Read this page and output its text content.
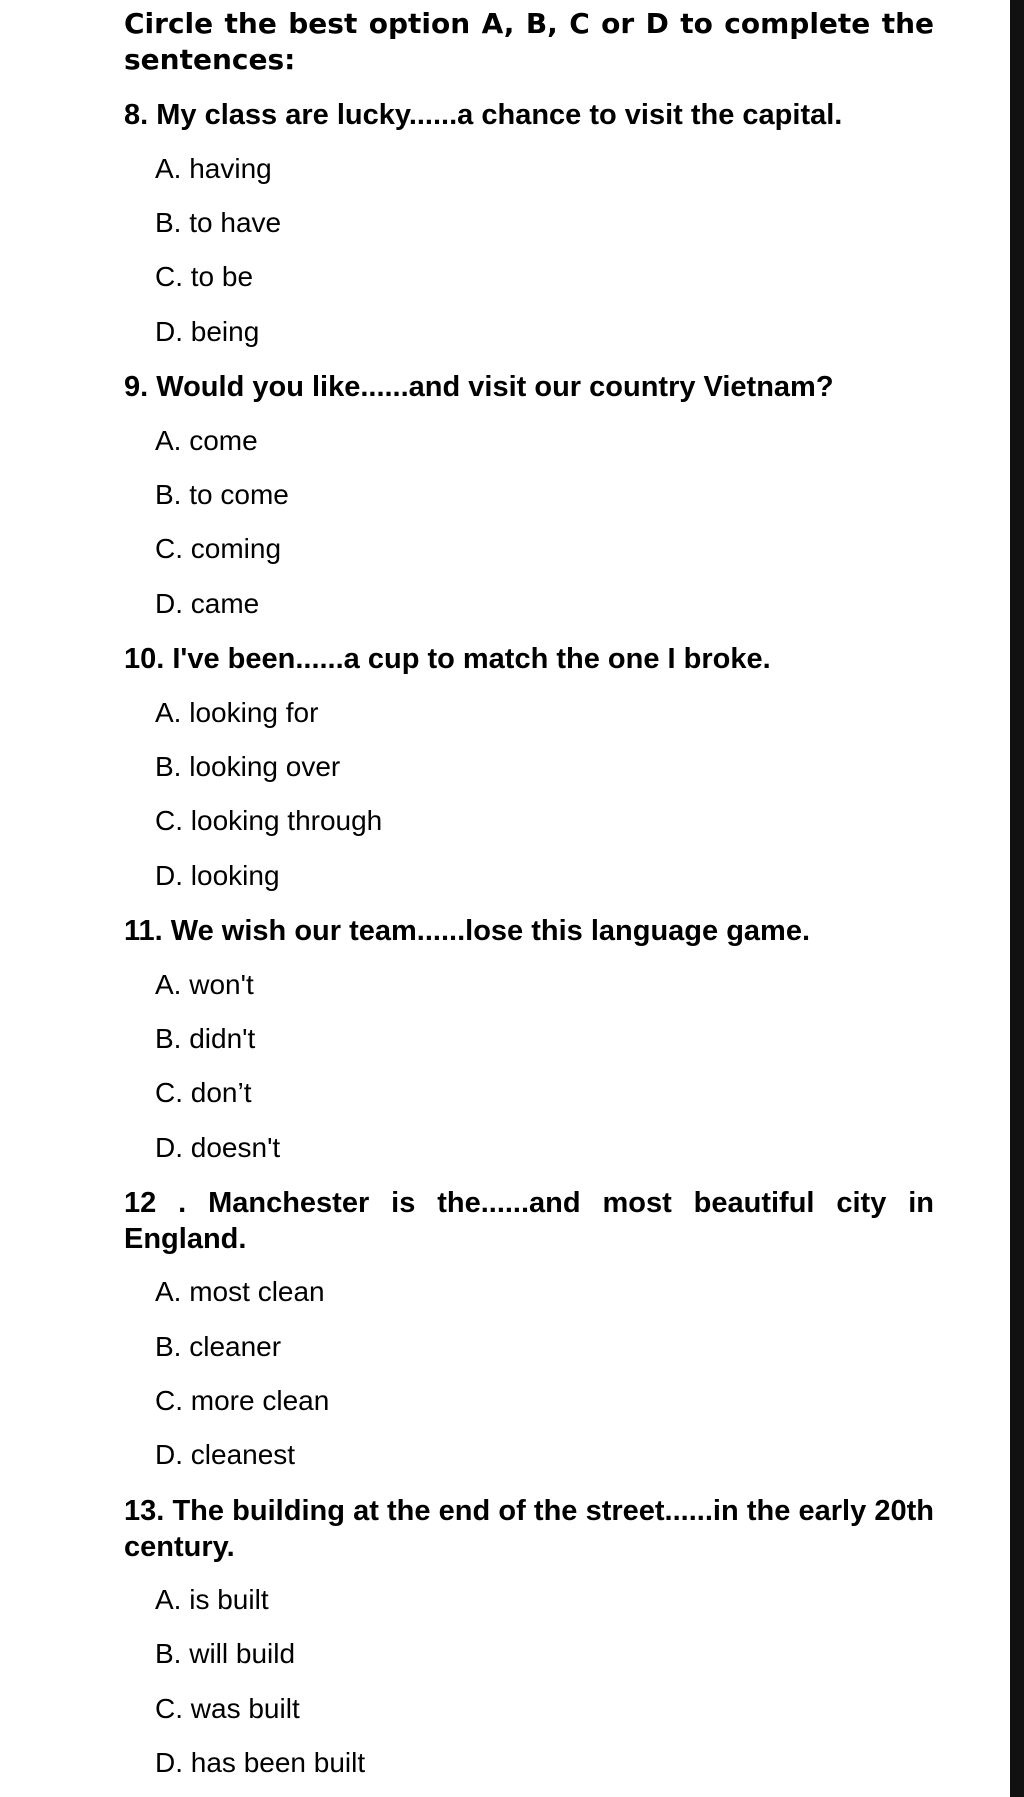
Circle the best option A, B, C or D to complete the sentences:
8. My class are lucky......a chance to visit the capital.
A. having
B. to have
C. to be
D. being
9. Would you like......and visit our country Vietnam?
A. come
B. to come
C. coming
D. came
10. I've been......a cup to match the one I broke.
A. looking for
B. looking over
C. looking through
D. looking
11. We wish our team......lose this language game.
A. won't
B. didn't
C. don’t
D. doesn't
12 . Manchester is the......and most beautiful city in England.
A. most clean
B. cleaner
C. more clean
D. cleanest
13. The building at the end of the street......in the early 20th century.
A. is built
B. will build
C. was built
D. has been built
